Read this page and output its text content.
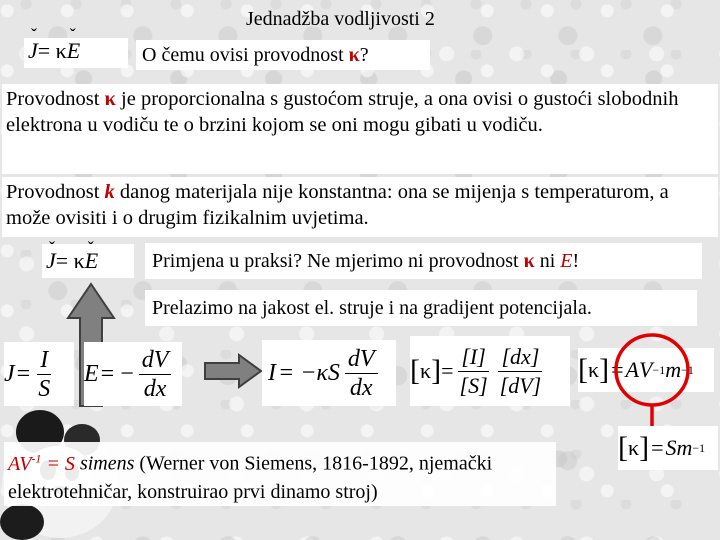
Jednadžba vodljivosti 2
ˇ J= κˇ E	O čemu ovisi provodnost κ?
Provodnost κ je proporcionalna s gustoćom struje, a ona ovisi o gustoći slobodnih elektrona u vodiču te o brzini kojom se oni mogu gibati u vodiču.
Provodnost k danog materijala nije konstantna: ona se mijenja s temperaturom, a može ovisiti i o drugim fizikalnim uvjetima.
ˇ J= κˇ E	Primjena u praksi? Ne mjerimo ni provodnost κ ni E!
Prelazimo na jakost el. struje i na gradijent potencijala.
$J = \frac{I}{S}$ E = − $\frac{dV}{dx}$	$I = -\kappa S \frac{dV}{dx}$ [ κ ] = $\frac{[I]}{[S]} \frac{[dx]}{[dV]}$ [ κ ] = A V −1 m −1
[ κ ] = Sm −1
$AV^{-1} = S$ simens (Werner von Siemens, 1816-1892, njemački elektrotehničar, konstruirao prvi dinamo stroj)
